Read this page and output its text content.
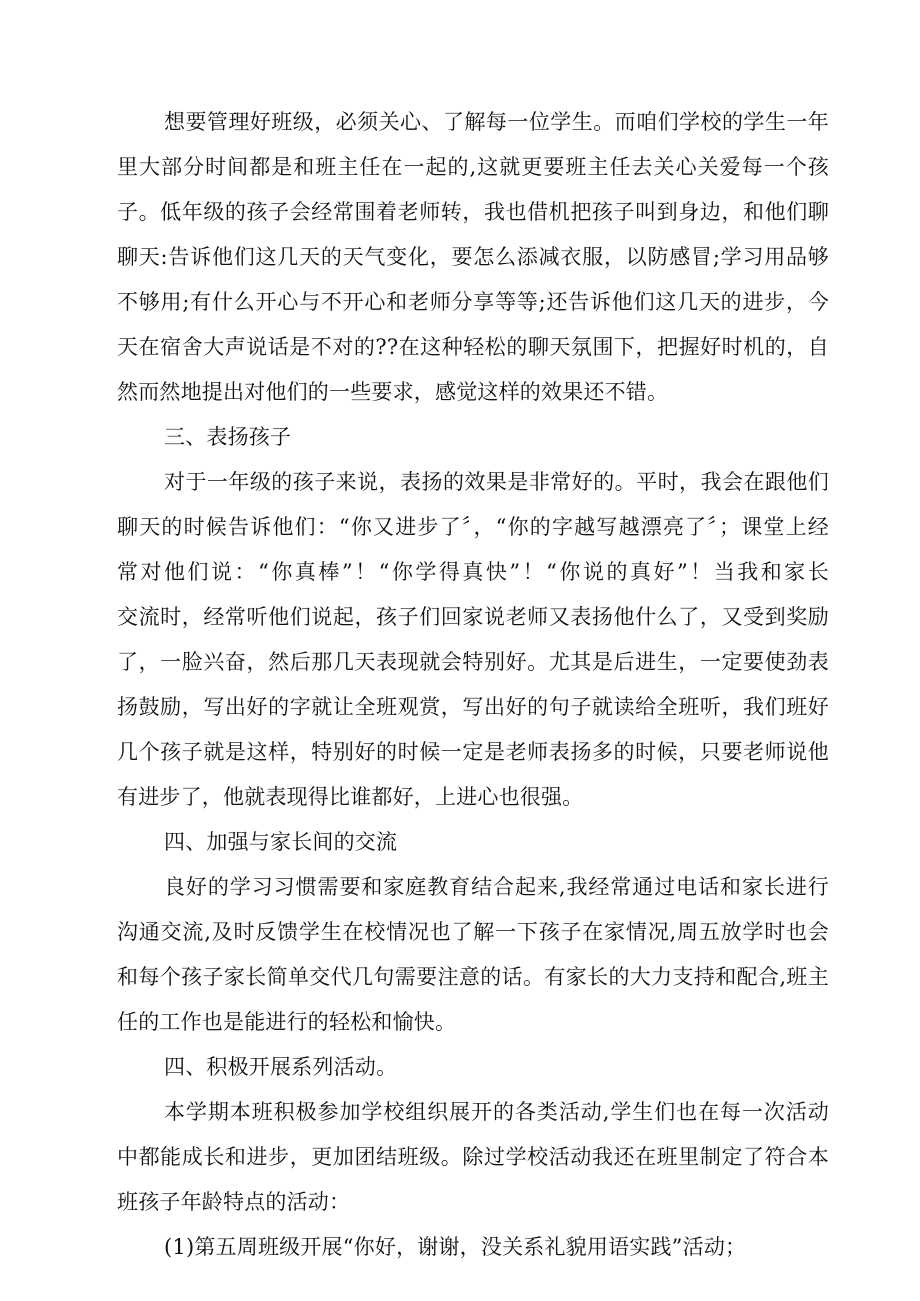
想要管理好班级，必须关心、了解每一位学生。而咱们学校的学生一年
里大部分时间都是和班主任在一起的,这就更要班主任去关心关爱每一个孩
子。低年级的孩子会经常围着老师转，我也借机把孩子叫到身边，和他们聊
聊天:告诉他们这几天的天气变化，要怎么添减衣服，以防感冒;学习用品够
不够用;有什么开心与不开心和老师分享等等;还告诉他们这几天的进步，今
天在宿舍大声说话是不对的??在这种轻松的聊天氛围下，把握好时机的，自
然而然地提出对他们的一些要求，感觉这样的效果还不错。
三、表扬孩子
对于一年级的孩子来说，表扬的效果是非常好的。平时，我会在跟他们
聊天的时候告诉他们：“你又进步了〞，“你的字越写越漂亮了〞；课堂上经
常对他们说：“你真棒”！“你学得真快”！“你说的真好”！当我和家长
交流时，经常听他们说起，孩子们回家说老师又表扬他什么了，又受到奖励
了，一脸兴奋，然后那几天表现就会特别好。尤其是后进生，一定要使劲表
扬鼓励，写出好的字就让全班观赏，写出好的句子就读给全班听，我们班好
几个孩子就是这样，特别好的时候一定是老师表扬多的时候，只要老师说他
有进步了，他就表现得比谁都好，上进心也很强。
四、加强与家长间的交流
良好的学习习惯需要和家庭教育结合起来,我经常通过电话和家长进行
沟通交流,及时反馈学生在校情况也了解一下孩子在家情况,周五放学时也会
和每个孩子家长简单交代几句需要注意的话。有家长的大力支持和配合,班主
任的工作也是能进行的轻松和愉快。
四、积极开展系列活动。
本学期本班积极参加学校组织展开的各类活动,学生们也在每一次活动
中都能成长和进步，更加团结班级。除过学校活动我还在班里制定了符合本
班孩子年龄特点的活动：
(1)第五周班级开展“你好，谢谢，没关系礼貌用语实践”活动；
